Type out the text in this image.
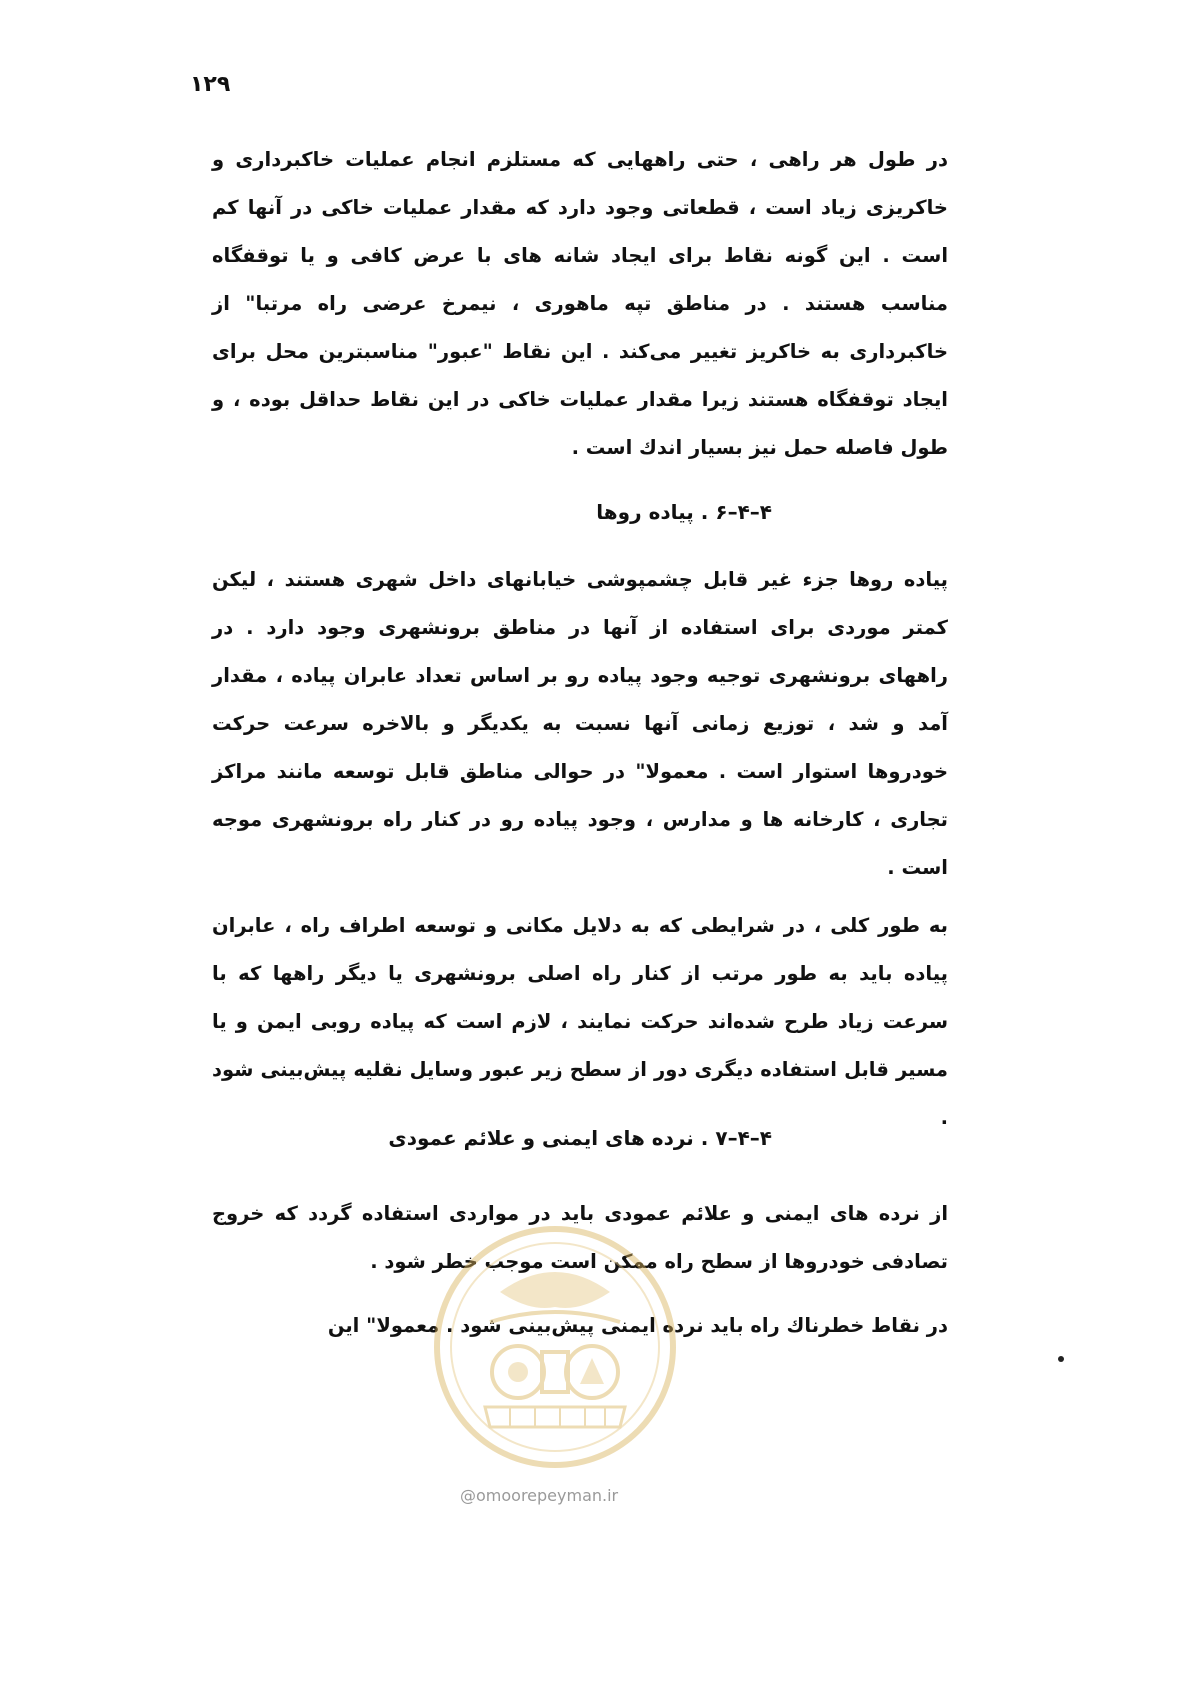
۱۲۹

در طول هر راهی ، حتی راههایی که مستلزم انجام عملیات خاکبرداری و خاکریزی زیاد است ، قطعاتی وجود دارد که مقدار عملیات خاکی در آنها کم است . این گونه نقاط برای ایجاد شانه های با عرض کافی و یا توقفگاه مناسب هستند . در مناطق تپه ماهوری ، نیمرخ عرضی راه مرتبا" از خاکبرداری به خاکریز تغییر می‌کند . این نقاط "عبور" مناسبترین محل برای ایجاد توقفگاه هستند زیرا مقدار عملیات خاکی در این نقاط حداقل بوده ، و طول فاصله حمل نیز بسیار اندك است .

۴–۴–۶ . پیاده روها

پیاده روها جزء غیر قابل چشمپوشی خیابانهای داخل شهری هستند ، لیکن کمتر موردی برای استفاده از آنها در مناطق برونشهری وجود دارد . در راههای برونشهری توجیه وجود پیاده رو بر اساس تعداد عابران پیاده ، مقدار آمد و شد ، توزیع زمانی آنها نسبت به یکدیگر و بالاخره سرعت حرکت خودروها استوار است . معمولا" در حوالی مناطق قابل توسعه مانند مراکز تجاری ، کارخانه ها و مدارس ، وجود پیاده رو در کنار راه برونشهری موجه است .

به طور کلی ، در شرایطی که به دلایل مکانی و توسعه اطراف راه ، عابران پیاده باید به طور مرتب از کنار راه اصلی برونشهری یا دیگر راهها که با سرعت زیاد طرح شده‌اند حرکت نمایند ، لازم است که پیاده روبی ایمن و یا مسیر قابل استفاده دیگری دور از سطح زیر عبور وسایل نقلیه پیش‌بینی شود .

۴–۴–۷ . نرده های ایمنی و علائم عمودی

از نرده های ایمنی و علائم عمودی باید در مواردی استفاده گردد که خروج تصادفی خودروها از سطح راه ممکن است موجب خطر شود .

در نقاط خطرناك راه باید نرده ایمنی پیش‌بینی شود . معمولا" این

@omoorepeyman.ir
